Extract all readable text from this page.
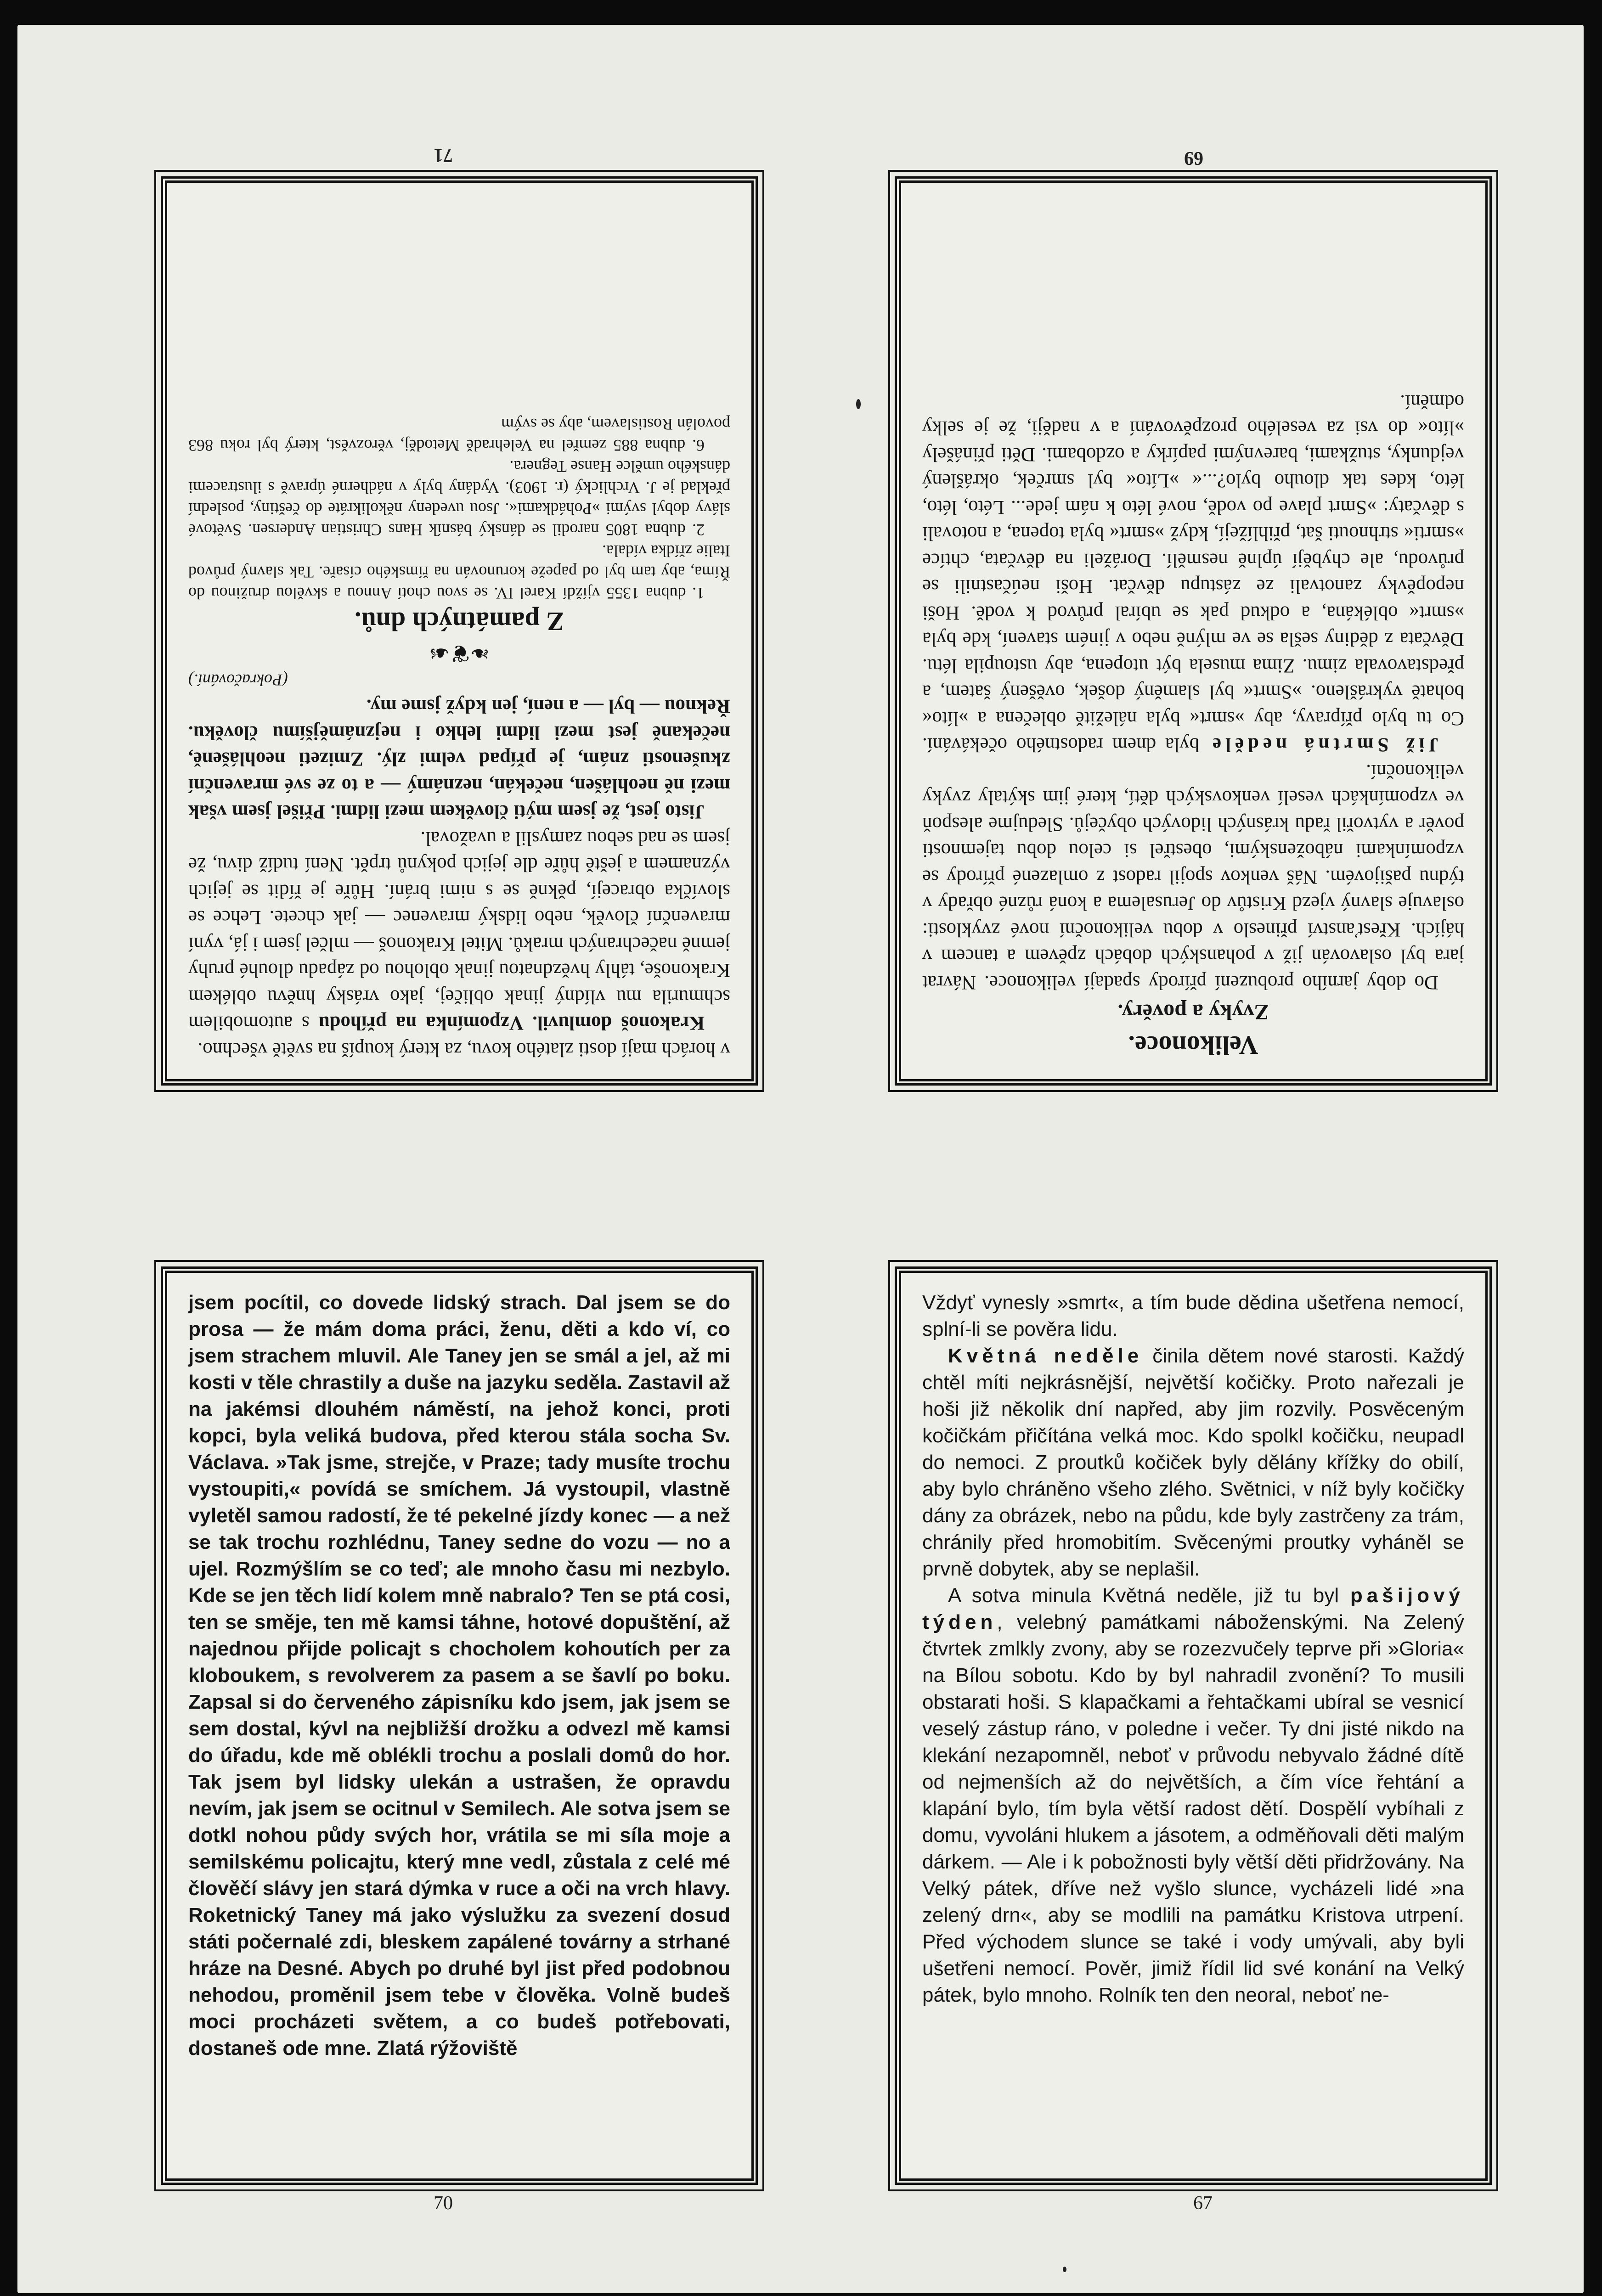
v horách mají dosti zlatého kovu, za který koupíš na světě všechno.

Krakonoš domluvil. Vzpomínka na příhodu s automobilem schmurila mu vlídný jinak obličej, jako vrásky hněvu oblékem Krakonoše, táhly hvězdnatou jinak oblohou od západu dlouhé pruhy jemně načechraných mraků. Mitel Krakonoš — mlčel jsem i já, vyní mravenční člověk, nebo lidský mravenec — jak chcete. Lehce se slovíčka obracejí, pěkně se s nimi brání. Hůře je řídit se jejich významem a ještě hůře dle jejich pokynů trpět. Není tudíž divu, že jsem se nad sebou zamyslil a uvažoval.

Jisto jest, že jsem mýti člověkem mezi lidmi. Přišel jsem však mezi ně neohlášen, nečekán, neznámý — a to ze své mravenční zkušenosti znám, je případ velmi zlý. Zmizeti neohlášeně, nečekaně jest mezi lidmi lehko i nejznámějšímu člověku. Řeknou — byl — a není, jen když jsme my.

(Pokračování.)

❧❦☙

Z památných dnů.

1. dubna 1355 vjíždí Karel IV. se svou chotí Annou a skvělou družinou do Říma, aby tam byl od papeže korunován na římského císaře. Tak slavný průvod Italie zřídka vídala.

2. dubna 1805 narodil se dánský básník Hans Christian Andersen. Světové slávy dobyl svými »Pohádkami«. Jsou uvedeny několikráte do češtiny, poslední překlad je J. Vrchlický (r. 1903). Vydány byly v nádherné úpravě s ilustracemi dánského umělce Hanse Tegnera.

6. dubna 885 zemřel na Velehradě Metoděj, věrozvěst, který byl roku 863 povolán Rostislavem, aby se svým

71

Velikonoce.

Zvyky a pověry.

Do doby jarního probuzení přírody spadají velikonoce. Návrat jara byl oslavován již v pohanských dobách zpěvem a tancem v hájích. Křesťanství přineslo v dobu velikonoční nové zvyklosti: oslavuje slavný vjezd Kristův do Jerusalema a koná různé obřady v týdnu pašijovém. Náš venkov spojil radost z omlazené přírody se vzpomínkami náboženskými, obestřel si celou dobu tajemnosti pověr a vytvořil řadu krásných lidových obyčejů. Sledujme alespoň ve vzpomínkách veselí venkovských dětí, které jim skýtaly zvyky velikonoční.

Již Smrtná neděle byla dnem radostného očekávání. Co tu bylo přípravy, aby »smrt« byla náležitě oblečena a »líto« bohatě vykrášleno. »Smrt« byl slaměný došek, ověšený šatem, a představovala zimu. Zima musela být utopena, aby ustoupila létu. Děvčata z dědiny sešla se ve mlýně nebo v jiném stavení, kde byla »smrt« oblékána, a odkud pak se ubíral průvod k vodě. Hoši nepopěvky zanotvali ze zástupu děvčat. Hoši neúčastnili se průvodu, ale chybějí úplně nesmělí. Doráželi na děvčata, chtíce »smrti« strhnouti šat, přihlížejí, když »smrt« byla topena, a notovali s děvčaty: »Smrt plave po vodě, nové léto k nám jede... Léto, léto, léto, kdes tak dlouho bylo?...« »Líto« byl smrček, okrášlený vejdunky, stužkami, barevnými papírky a ozdobami. Děti přinášely »líto« do vsi za veselého prozpěvování a v naději, že je selky odmění.

69

jsem pocítil, co dovede lidský strach. Dal jsem se do prosa — že mám doma práci, ženu, děti a kdo ví, co jsem strachem mluvil. Ale Taney jen se smál a jel, až mi kosti v těle chrastily a duše na jazyku seděla. Zastavil až na jakémsi dlouhém náměstí, na jehož konci, proti kopci, byla veliká budova, před kterou stála socha Sv. Václava. »Tak jsme, strejče, v Praze; tady musíte trochu vystoupiti,« povídá se smíchem. Já vystoupil, vlastně vyletěl samou radostí, že té pekelné jízdy konec — a než se tak trochu rozhlédnu, Taney sedne do vozu — no a ujel. Rozmýšlím se co teď; ale mnoho času mi nezbylo. Kde se jen těch lidí kolem mně nabralo? Ten se ptá cosi, ten se směje, ten mě kamsi táhne, hotové dopuštění, až najednou přijde policajt s chocholem kohoutích per za kloboukem, s revolverem za pasem a se šavlí po boku. Zapsal si do červeného zápisníku kdo jsem, jak jsem se sem dostal, kývl na nejbližší drožku a odvezl mě kamsi do úřadu, kde mě oblékli trochu a poslali domů do hor. Tak jsem byl lidsky ulekán a ustrašen, že opravdu nevím, jak jsem se ocitnul v Semilech. Ale sotva jsem se dotkl nohou půdy svých hor, vrátila se mi síla moje a semilskému policajtu, který mne vedl, zůstala z celé mé člověčí slávy jen stará dýmka v ruce a oči na vrch hlavy. Roketnický Taney má jako výslužku za svezení dosud státi počernalé zdi, bleskem zapálené továrny a strhané hráze na Desné. Abych po druhé byl jist před podobnou nehodou, proměnil jsem tebe v člověka. Volně budeš moci procházeti světem, a co budeš potřebovati, dostaneš ode mne. Zlatá rýžoviště

70

Vždyť vynesly »smrt«, a tím bude dědina ušetřena nemocí, splní-li se pověra lidu.

Květná neděle činila dětem nové starosti. Každý chtěl míti nejkrásnější, největší kočičky. Proto nařezali je hoši již několik dní napřed, aby jim rozvily. Posvěceným kočičkám přičítána velká moc. Kdo spolkl kočičku, neupadl do nemoci. Z proutků kočiček byly dělány křížky do obilí, aby bylo chráněno všeho zlého. Světnici, v níž byly kočičky dány za obrázek, nebo na půdu, kde byly zastrčeny za trám, chránily před hromobitím. Svěcenými proutky vyháněl se prvně dobytek, aby se neplašil.

A sotva minula Květná neděle, již tu byl pašijový týden, velebný památkami náboženskými. Na Zelený čtvrtek zmlkly zvony, aby se rozezvučely teprve při »Gloria« na Bílou sobotu. Kdo by byl nahradil zvonění? To musili obstarati hoši. S klapačkami a řehtačkami ubíral se vesnicí veselý zástup ráno, v poledne i večer. Ty dni jisté nikdo na klekání nezapomněl, neboť v průvodu nebyvalo žádné dítě od nejmenších až do největších, a čím více řehtání a klapání bylo, tím byla větší radost dětí. Dospělí vybíhali z domu, vyvoláni hlukem a jásotem, a odměňovali děti malým dárkem. — Ale i k pobožnosti byly větší děti přidržovány. Na Velký pátek, dříve než vyšlo slunce, vycházeli lidé »na zelený drn«, aby se modlili na památku Kristova utrpení. Před východem slunce se také i vody umývali, aby byli ušetřeni nemocí. Pověr, jimiž řídil lid své konání na Velký pátek, bylo mnoho. Rolník ten den neoral, neboť ne-

67
